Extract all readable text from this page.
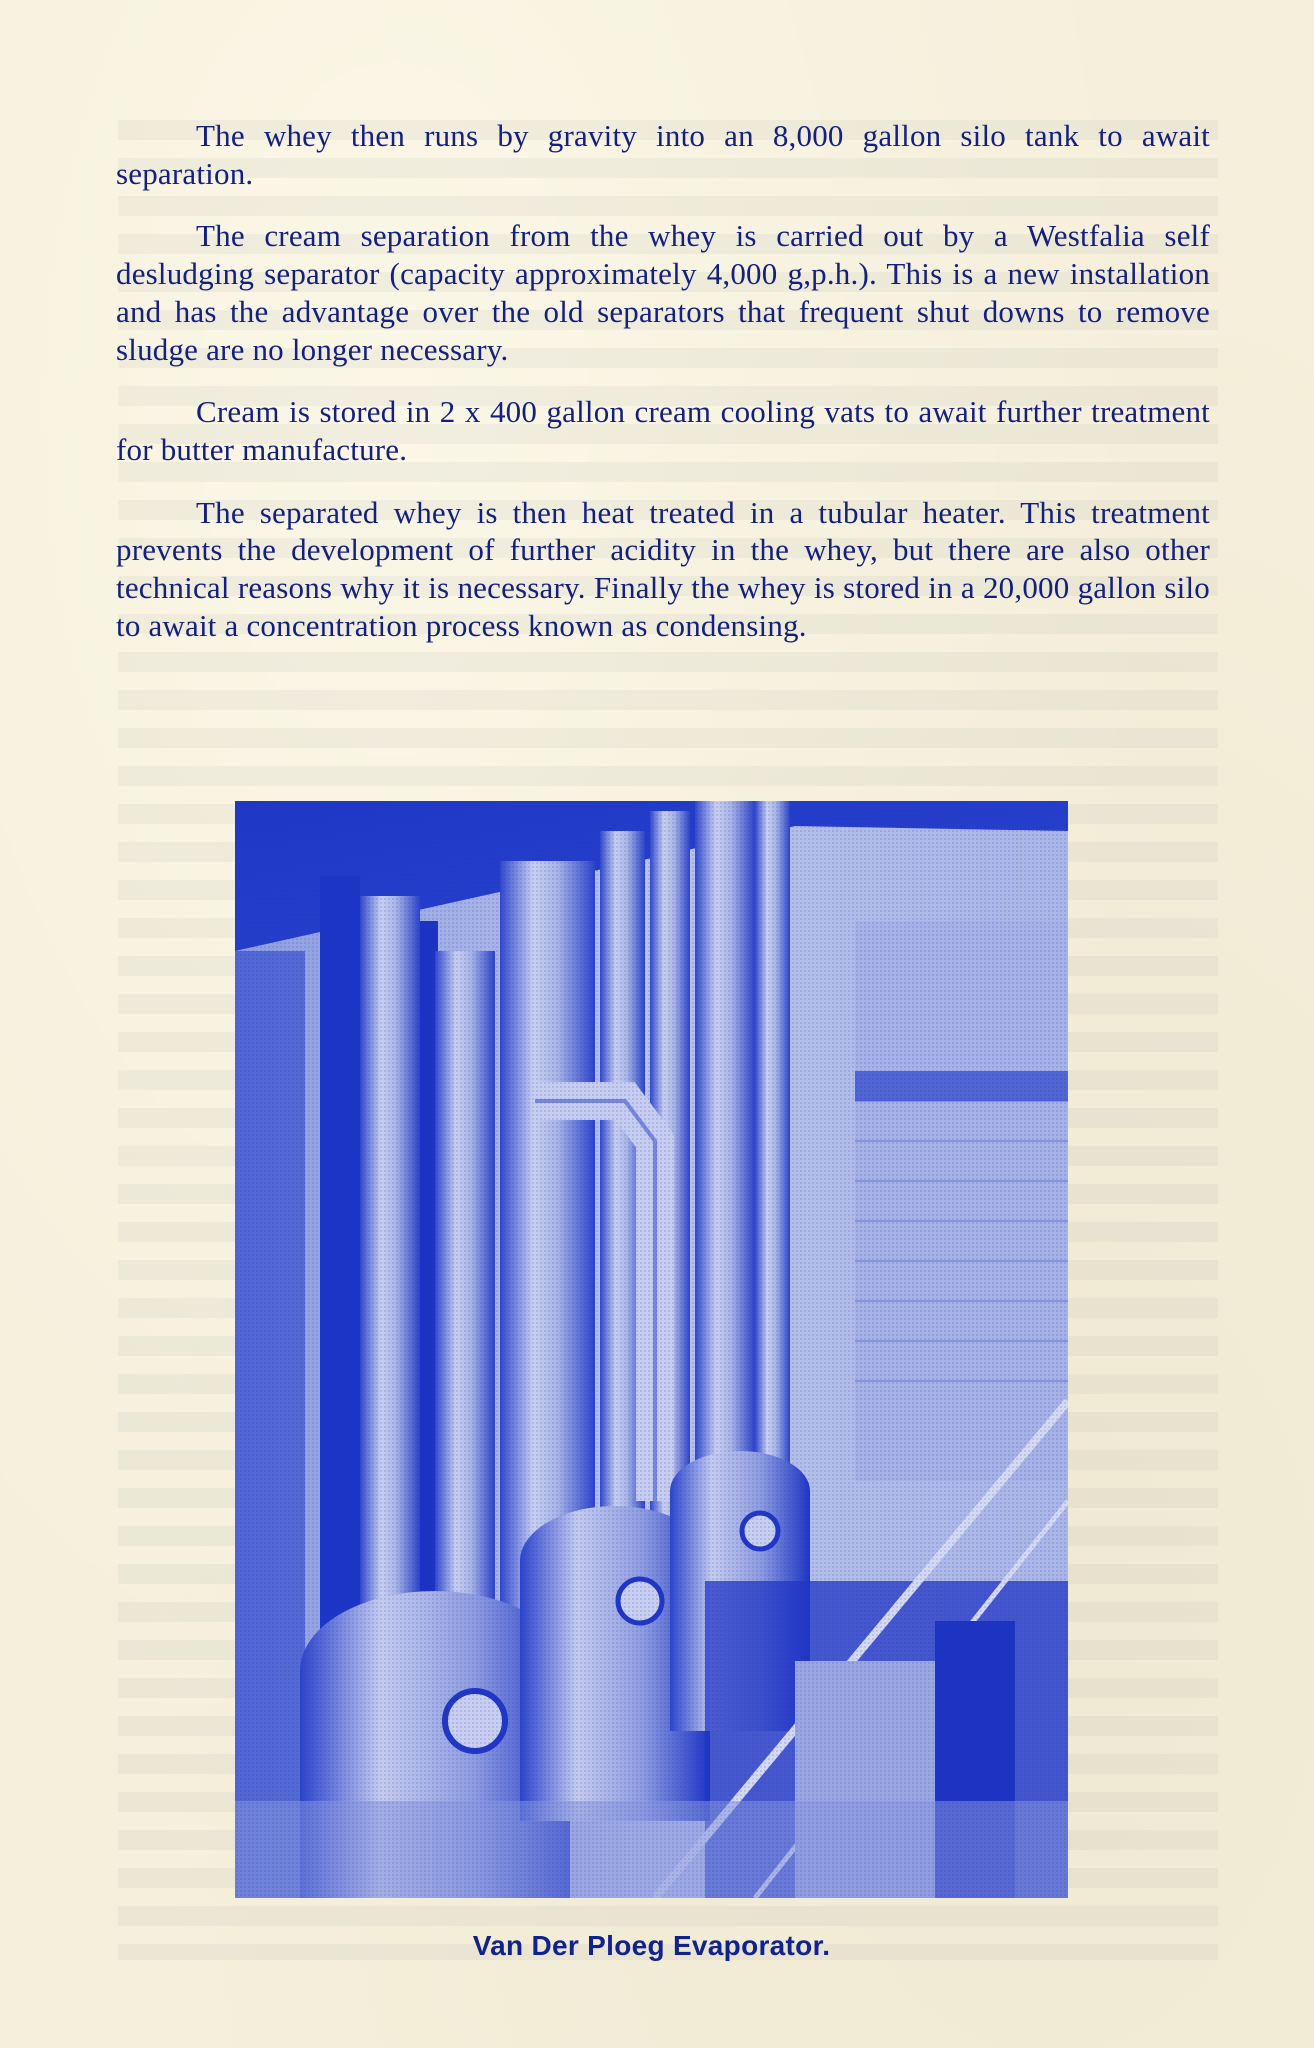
The whey then runs by gravity into an 8,000 gallon silo tank to await separation.

The cream separation from the whey is carried out by a Westfalia self desludging separator (capacity approximately 4,000 g,p.h.). This is a new installation and has the advantage over the old separators that frequent shut downs to remove sludge are no longer necessary.

Cream is stored in 2 x 400 gallon cream cooling vats to await further treatment for butter manufacture.

The separated whey is then heat treated in a tubular heater. This treatment prevents the development of further acidity in the whey, but there are also other technical reasons why it is necessary. Finally the whey is stored in a 20,000 gallon silo to await a concentration process known as condensing.

Van Der Ploeg Evaporator.
